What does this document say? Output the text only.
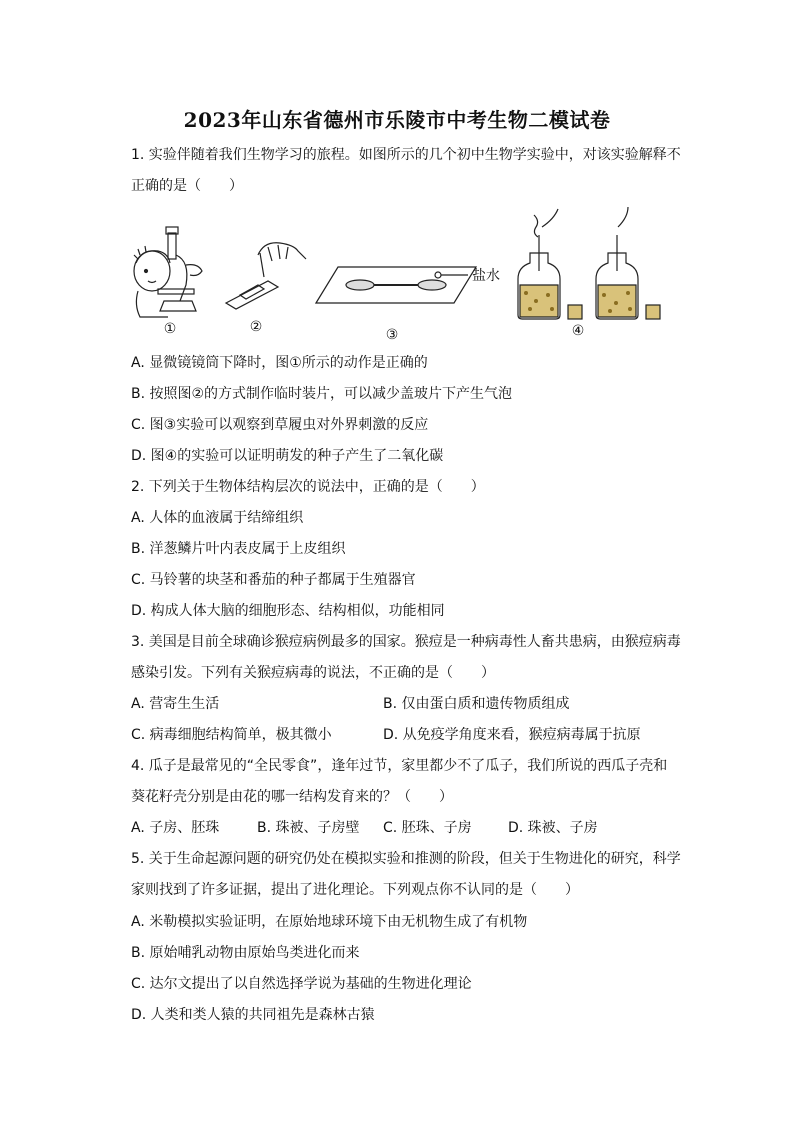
2023年山东省德州市乐陵市中考生物二模试卷
1. 实验伴随着我们生物学习的旅程。如图所示的几个初中生物学实验中，对该实验解释不
正确的是（　　）
①	②	③	④
盐水
A. 显微镜镜筒下降时，图①所示的动作是正确的
B. 按照图②的方式制作临时装片，可以减少盖玻片下产生气泡
C. 图③实验可以观察到草履虫对外界刺激的反应
D. 图④的实验可以证明萌发的种子产生了二氧化碳
2. 下列关于生物体结构层次的说法中，正确的是（　　）
A. 人体的血液属于结缔组织
B. 洋葱鳞片叶内表皮属于上皮组织
C. 马铃薯的块茎和番茄的种子都属于生殖器官
D. 构成人体大脑的细胞形态、结构相似，功能相同
3. 美国是目前全球确诊猴痘病例最多的国家。猴痘是一种病毒性人畜共患病，由猴痘病毒
感染引发。下列有关猴痘病毒的说法，不正确的是（　　）
A. 营寄生生活	B. 仅由蛋白质和遗传物质组成
C. 病毒细胞结构简单，极其微小	D. 从免疫学角度来看，猴痘病毒属于抗原
4. 瓜子是最常见的“全民零食”，逢年过节，家里都少不了瓜子，我们所说的西瓜子壳和
葵花籽壳分别是由花的哪一结构发育来的？（　　）
A. 子房、胚珠	B. 珠被、子房壁 C. 胚珠、子房	D. 珠被、子房
5. 关于生命起源问题的研究仍处在模拟实验和推测的阶段，但关于生物进化的研究，科学
家则找到了许多证据，提出了进化理论。下列观点你不认同的是（　　）
A. 米勒模拟实验证明，在原始地球环境下由无机物生成了有机物
B. 原始哺乳动物由原始鸟类进化而来
C. 达尔文提出了以自然选择学说为基础的生物进化理论
D. 人类和类人猿的共同祖先是森林古猿
